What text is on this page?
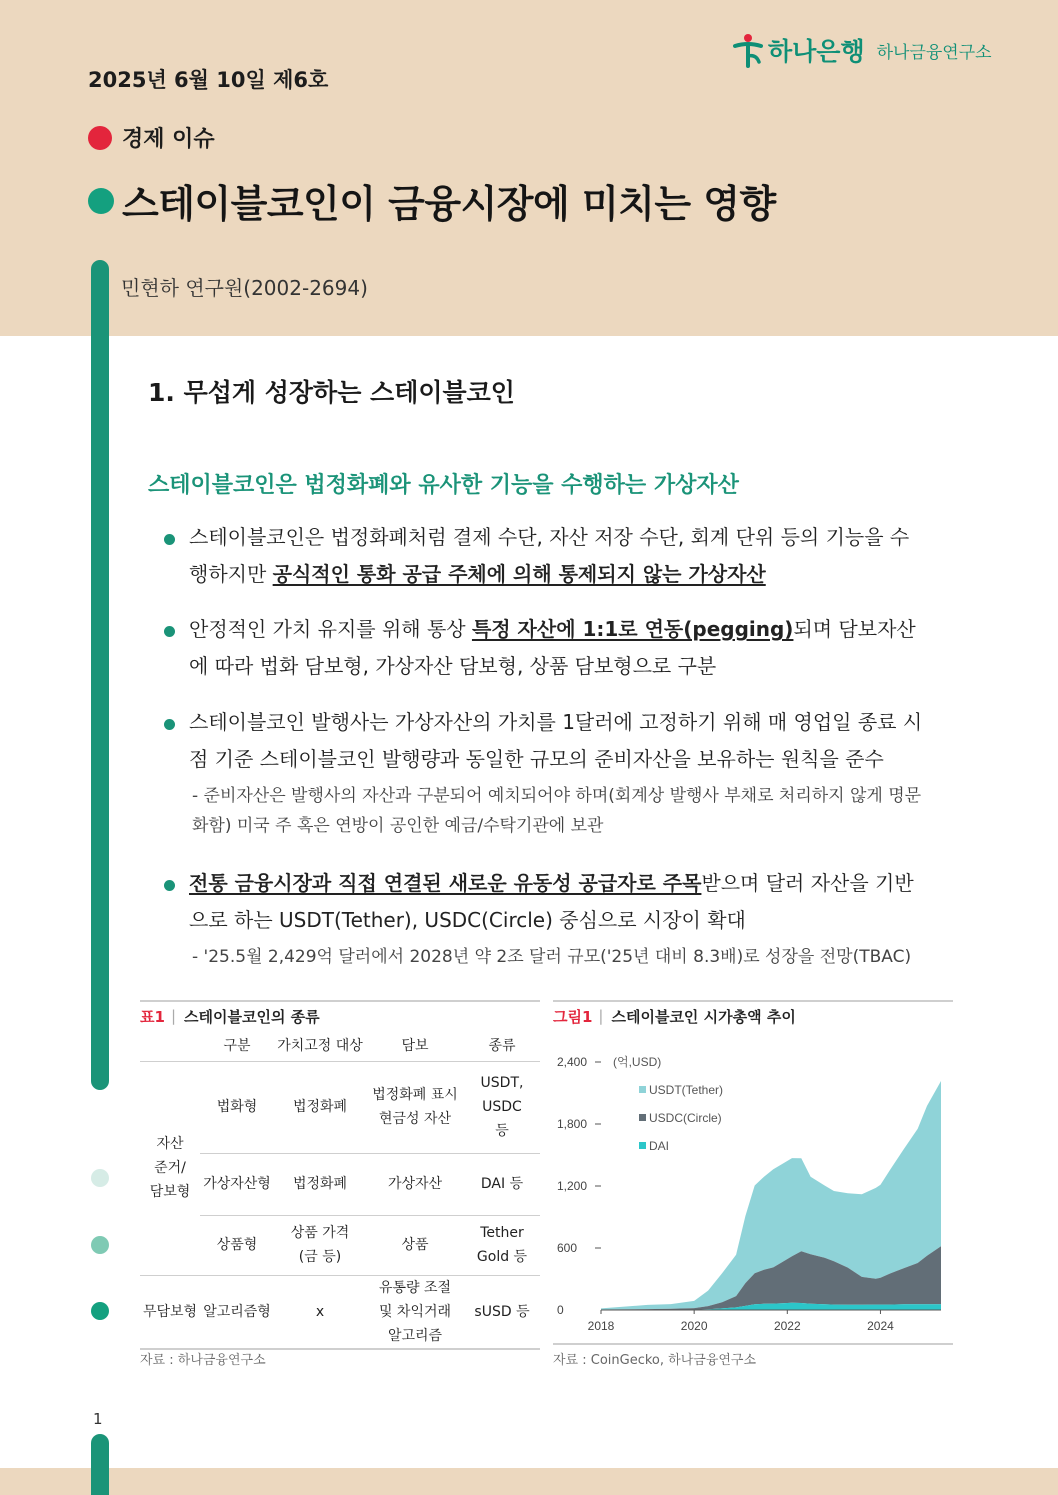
2025년 6월 10일 제6호
하나은행 하나금융연구소
경제 이슈
스테이블코인이 금융시장에 미치는 영향
민현하 연구원(2002-2694)
1. 무섭게 성장하는 스테이블코인
스테이블코인은 법정화폐와 유사한 기능을 수행하는 가상자산
스테이블코인은 법정화폐처럼 결제 수단, 자산 저장 수단, 회계 단위 등의 기능을 수행하지만 공식적인 통화 공급 주체에 의해 통제되지 않는 가상자산
안정적인 가치 유지를 위해 통상 특정 자산에 1:1로 연동(pegging)되며 담보자산에 따라 법화 담보형, 가상자산 담보형, 상품 담보형으로 구분
스테이블코인 발행사는 가상자산의 가치를 1달러에 고정하기 위해 매 영업일 종료 시점 기준 스테이블코인 발행량과 동일한 규모의 준비자산을 보유하는 원칙을 준수
- 준비자산은 발행사의 자산과 구분되어 예치되어야 하며(회계상 발행사 부채로 처리하지 않게 명문화함) 미국 주 혹은 연방이 공인한 예금/수탁기관에 보관
전통 금융시장과 직접 연결된 새로운 유동성 공급자로 주목받으며 달러 자산을 기반으로 하는 USDT(Tether), USDC(Circle) 중심으로 시장이 확대
- '25.5월 2,429억 달러에서 2028년 약 2조 달러 규모('25년 대비 8.3배)로 성장을 전망(TBAC)
표1 | 스테이블코인의 종류
	구분	가치고정 대상	담보	종류
자산 준거/ 담보형	법화형	법정화폐	법정화폐 표시 현금성 자산	USDT, USDC 등
	가상자산형	법정화폐	가상자산	DAI 등
	상품형	상품 가격 (금 등)	상품	Tether Gold 등
무담보형	알고리즘형	x	유통량 조절 및 차익거래 알고리즘	sUSD 등
자료 : 하나금융연구소
그림1 | 스테이블코인 시가총액 추이
0
600
1,200
1,800
2,400 (억,USD)
2018	2020	2022	2024
USDT(Tether)
USDC(Circle)
DAI
자료 : CoinGecko, 하나금융연구소
1
